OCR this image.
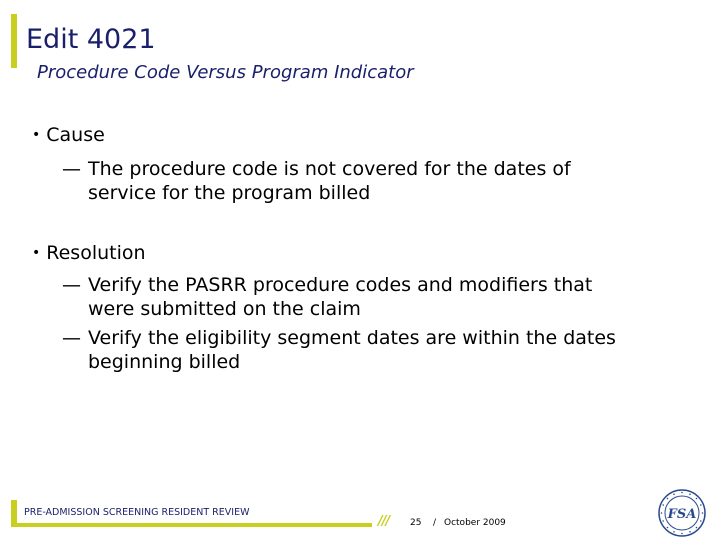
Edit 4021
Procedure Code Versus Program Indicator
• Cause
— The procedure code is not covered for the dates of service for the program billed
• Resolution
— Verify the PASRR procedure codes and modifiers that were submitted on the claim
— Verify the eligibility segment dates are within the dates beginning billed
PRE-ADMISSION SCREENING RESIDENT REVIEW
/// 25 / October 2009
FSA
